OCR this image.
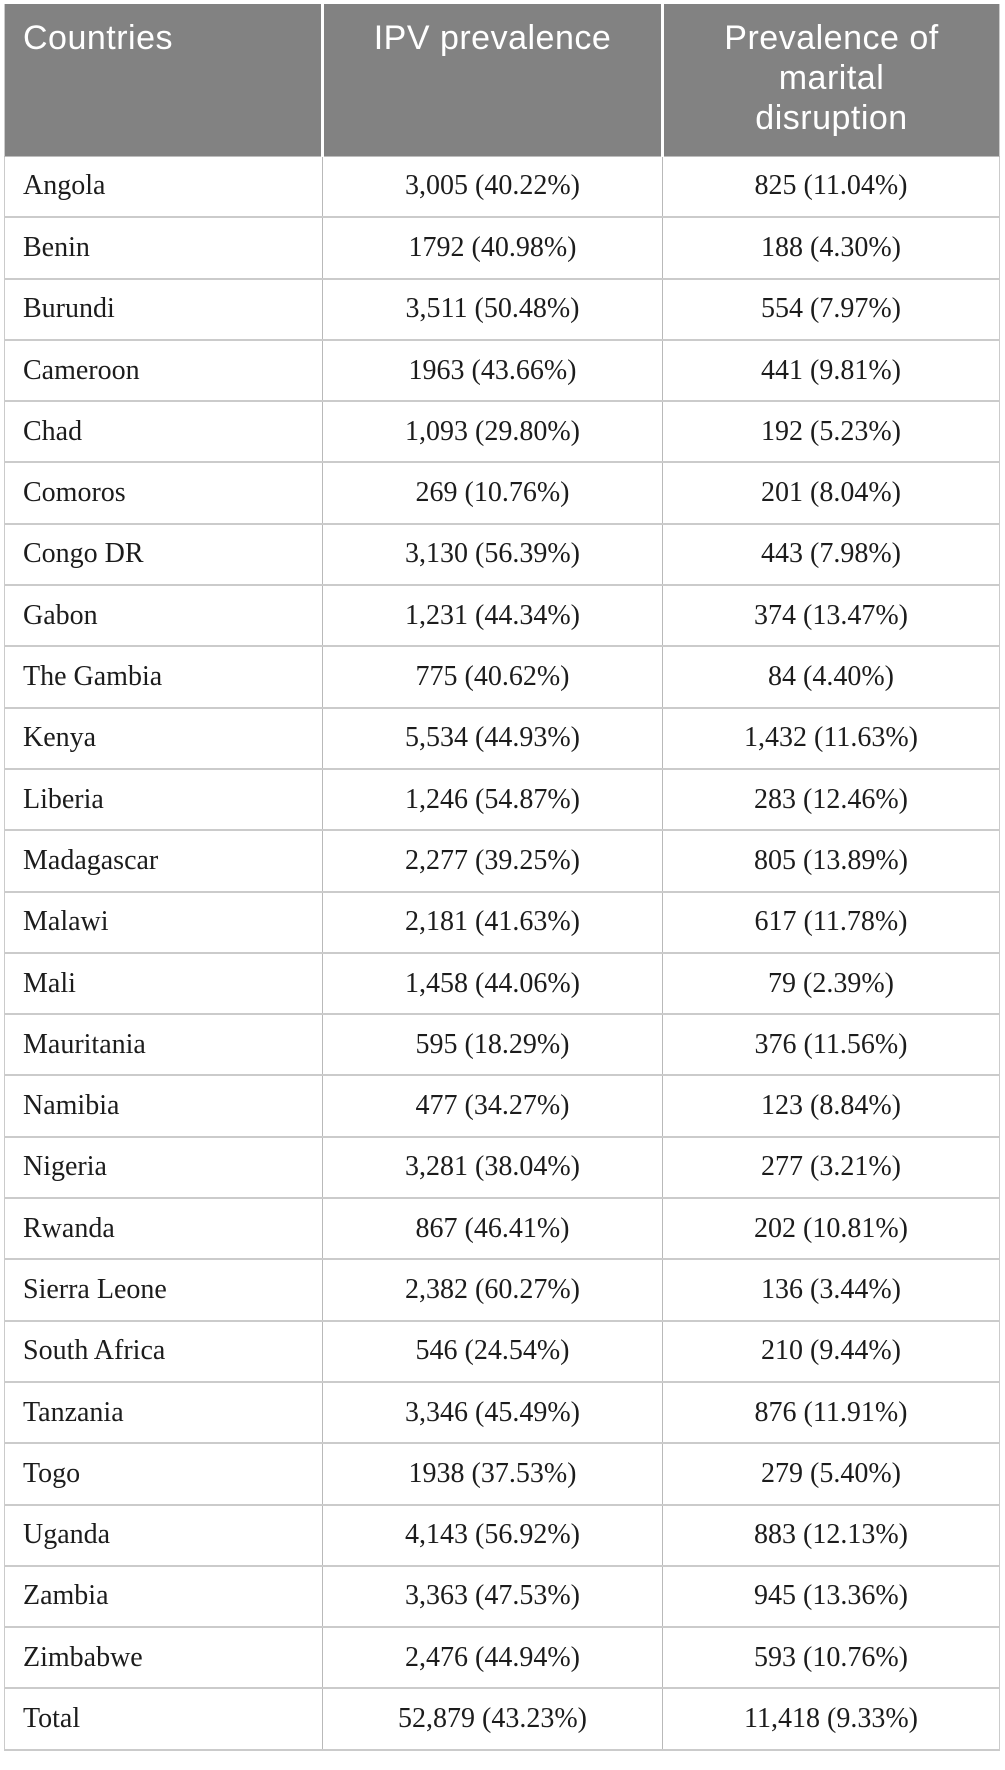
Countries	IPV prevalence	Prevalence of marital disruption
Angola	3,005 (40.22%)	825 (11.04%)
Benin	1792 (40.98%)	188 (4.30%)
Burundi	3,511 (50.48%)	554 (7.97%)
Cameroon	1963 (43.66%)	441 (9.81%)
Chad	1,093 (29.80%)	192 (5.23%)
Comoros	269 (10.76%)	201 (8.04%)
Congo DR	3,130 (56.39%)	443 (7.98%)
Gabon	1,231 (44.34%)	374 (13.47%)
The Gambia	775 (40.62%)	84 (4.40%)
Kenya	5,534 (44.93%)	1,432 (11.63%)
Liberia	1,246 (54.87%)	283 (12.46%)
Madagascar	2,277 (39.25%)	805 (13.89%)
Malawi	2,181 (41.63%)	617 (11.78%)
Mali	1,458 (44.06%)	79 (2.39%)
Mauritania	595 (18.29%)	376 (11.56%)
Namibia	477 (34.27%)	123 (8.84%)
Nigeria	3,281 (38.04%)	277 (3.21%)
Rwanda	867 (46.41%)	202 (10.81%)
Sierra Leone	2,382 (60.27%)	136 (3.44%)
South Africa	546 (24.54%)	210 (9.44%)
Tanzania	3,346 (45.49%)	876 (11.91%)
Togo	1938 (37.53%)	279 (5.40%)
Uganda	4,143 (56.92%)	883 (12.13%)
Zambia	3,363 (47.53%)	945 (13.36%)
Zimbabwe	2,476 (44.94%)	593 (10.76%)
Total	52,879 (43.23%)	11,418 (9.33%)
